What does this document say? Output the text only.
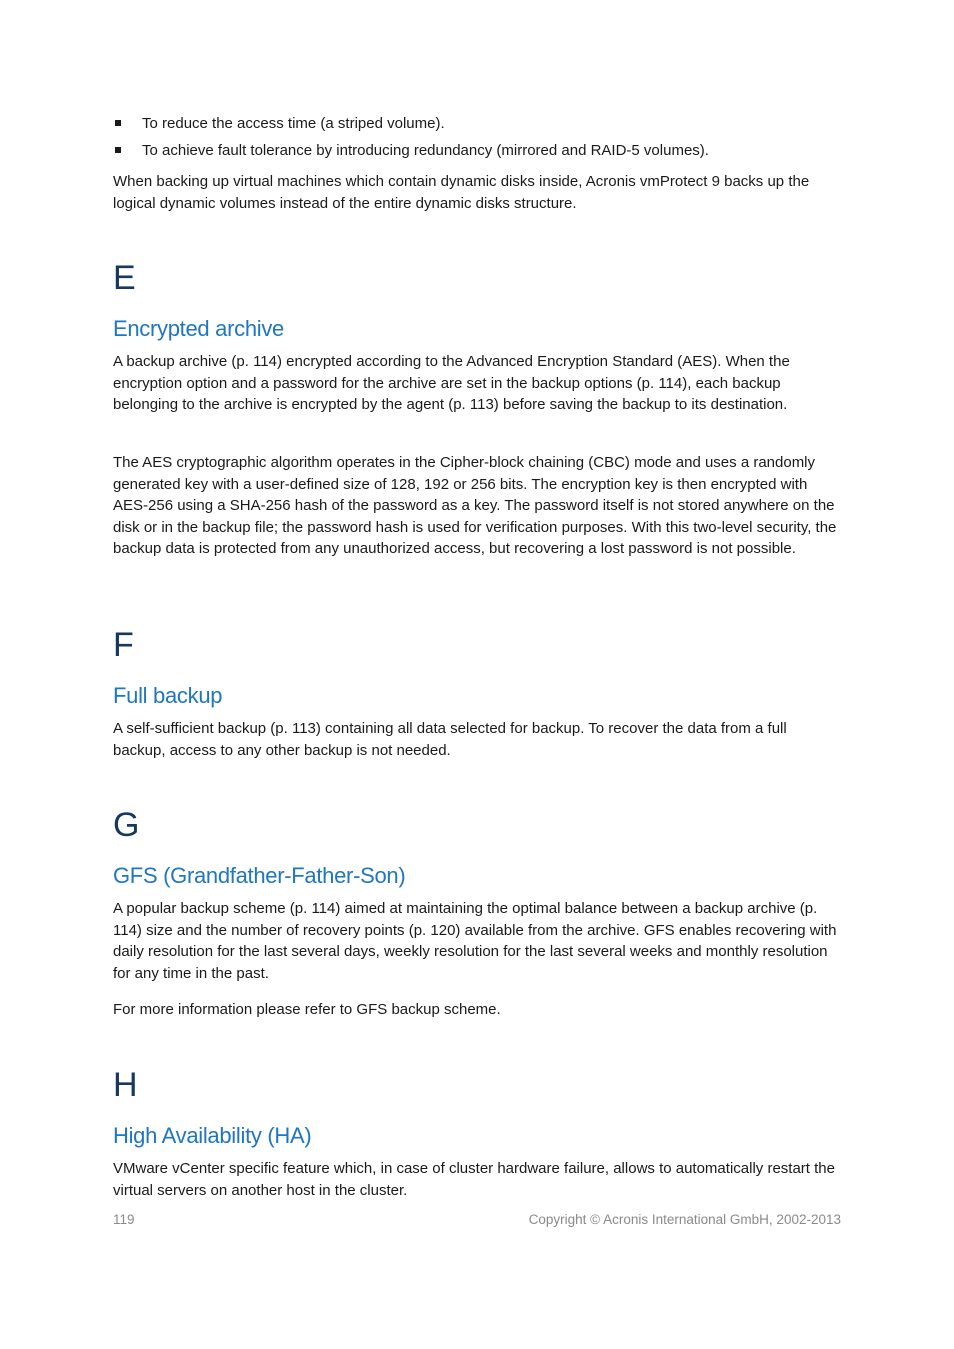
To reduce the access time (a striped volume).
To achieve fault tolerance by introducing redundancy (mirrored and RAID-5 volumes).

When backing up virtual machines which contain dynamic disks inside, Acronis vmProtect 9 backs up the logical dynamic volumes instead of the entire dynamic disks structure.

E
Encrypted archive

A backup archive (p. 114) encrypted according to the Advanced Encryption Standard (AES). When the encryption option and a password for the archive are set in the backup options (p. 114), each backup belonging to the archive is encrypted by the agent (p. 113) before saving the backup to its destination.

The AES cryptographic algorithm operates in the Cipher-block chaining (CBC) mode and uses a randomly generated key with a user-defined size of 128, 192 or 256 bits. The encryption key is then encrypted with AES-256 using a SHA-256 hash of the password as a key. The password itself is not stored anywhere on the disk or in the backup file; the password hash is used for verification purposes. With this two-level security, the backup data is protected from any unauthorized access, but recovering a lost password is not possible.

F
Full backup

A self-sufficient backup (p. 113) containing all data selected for backup. To recover the data from a full backup, access to any other backup is not needed.

G
GFS (Grandfather-Father-Son)

A popular backup scheme (p. 114) aimed at maintaining the optimal balance between a backup archive (p. 114) size and the number of recovery points (p. 120) available from the archive. GFS enables recovering with daily resolution for the last several days, weekly resolution for the last several weeks and monthly resolution for any time in the past.

For more information please refer to GFS backup scheme.

H
High Availability (HA)

VMware vCenter specific feature which, in case of cluster hardware failure, allows to automatically restart the virtual servers on another host in the cluster.

119	Copyright © Acronis International GmbH, 2002-2013
